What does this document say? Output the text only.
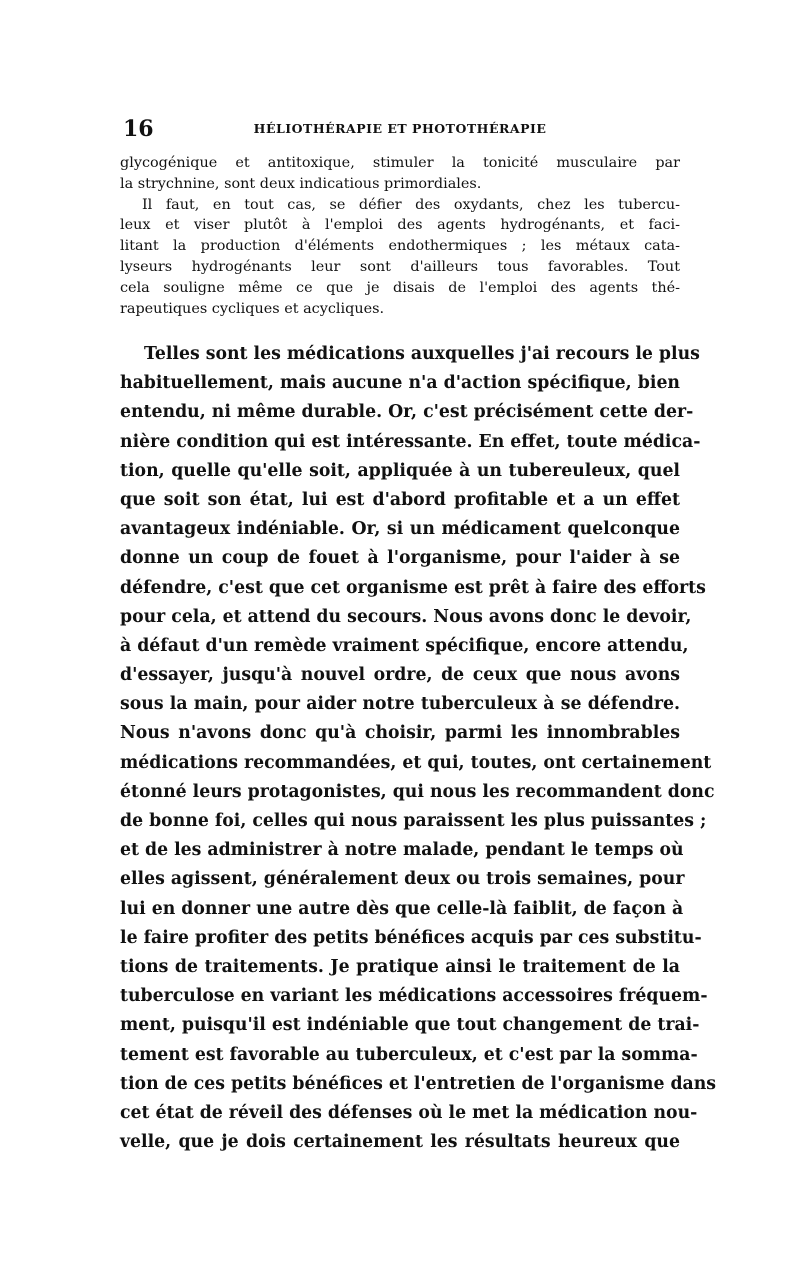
16	HÉLIOTHÉRAPIE ET PHOTOTHÉRAPIE
glycogénique et antitoxique, stimuler la tonicité musculaire par
la strychnine, sont deux indicatious primordiales.
Il faut, en tout cas, se défier des oxydants, chez les tubercu-
leux et viser plutôt à l'emploi des agents hydrogénants, et faci-
litant la production d'éléments endothermiques ; les métaux cata-
lyseurs hydrogénants leur sont d'ailleurs tous favorables. Tout
cela souligne même ce que je disais de l'emploi des agents thé-
rapeutiques cycliques et acycliques.
Telles sont les médications auxquelles j'ai recours le plus
habituellement, mais aucune n'a d'action spécifique, bien
entendu, ni même durable. Or, c'est précisément cette der-
nière condition qui est intéressante. En effet, toute médica-
tion, quelle qu'elle soit, appliquée à un tubereuleux, quel
que soit son état, lui est d'abord profitable et a un effet
avantageux indéniable. Or, si un médicament quelconque
donne un coup de fouet à l'organisme, pour l'aider à se
défendre, c'est que cet organisme est prêt à faire des efforts
pour cela, et attend du secours. Nous avons donc le devoir,
à défaut d'un remède vraiment spécifique, encore attendu,
d'essayer, jusqu'à nouvel ordre, de ceux que nous avons
sous la main, pour aider notre tuberculeux à se défendre.
Nous n'avons donc qu'à choisir, parmi les innombrables
médications recommandées, et qui, toutes, ont certainement
étonné leurs protagonistes, qui nous les recommandent donc
de bonne foi, celles qui nous paraissent les plus puissantes ;
et de les administrer à notre malade, pendant le temps où
elles agissent, généralement deux ou trois semaines, pour
lui en donner une autre dès que celle-là faiblit, de façon à
le faire profiter des petits bénéfices acquis par ces substitu-
tions de traitements. Je pratique ainsi le traitement de la
tuberculose en variant les médications accessoires fréquem-
ment, puisqu'il est indéniable que tout changement de trai-
tement est favorable au tuberculeux, et c'est par la somma-
tion de ces petits bénéfices et l'entretien de l'organisme dans
cet état de réveil des défenses où le met la médication nou-
velle, que je dois certainement les résultats heureux que
